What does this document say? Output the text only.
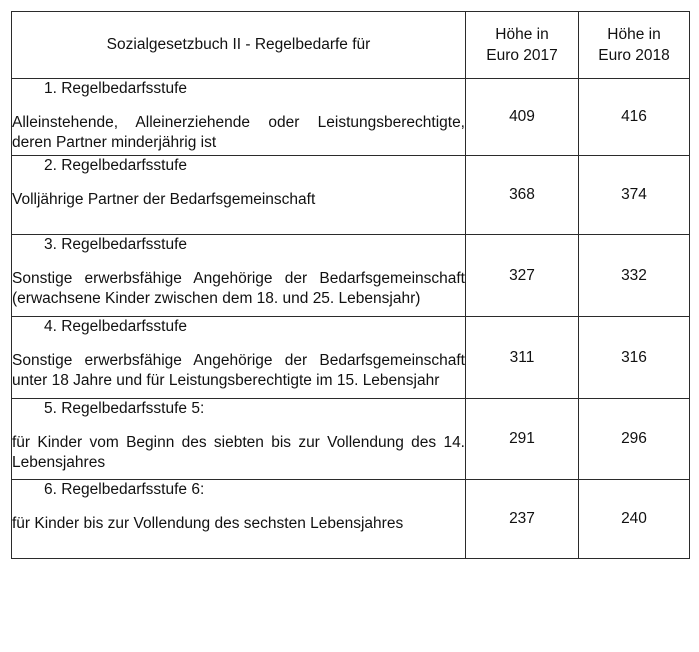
Sozialgesetzbuch II - Regelbedarfe für	Höhe in Euro 2017	Höhe in Euro 2018

1. Regelbedarfsstufe
Alleinstehende, Alleinerziehende oder Leistungsberechtigte, deren Partner minderjährig ist	409	416

2. Regelbedarfsstufe
Volljährige Partner der Bedarfsgemeinschaft	368	374

3. Regelbedarfsstufe
Sonstige erwerbsfähige Angehörige der Bedarfsgemeinschaft (erwachsene Kinder zwischen dem 18. und 25. Lebensjahr)	327	332

4. Regelbedarfsstufe
Sonstige erwerbsfähige Angehörige der Bedarfsgemeinschaft unter 18 Jahre und für Leistungsberechtigte im 15. Lebensjahr	311	316

5. Regelbedarfsstufe 5:
für Kinder vom Beginn des siebten bis zur Vollendung des 14. Lebensjahres	291	296

6. Regelbedarfsstufe 6:
für Kinder bis zur Vollendung des sechsten Lebensjahres	237	240
